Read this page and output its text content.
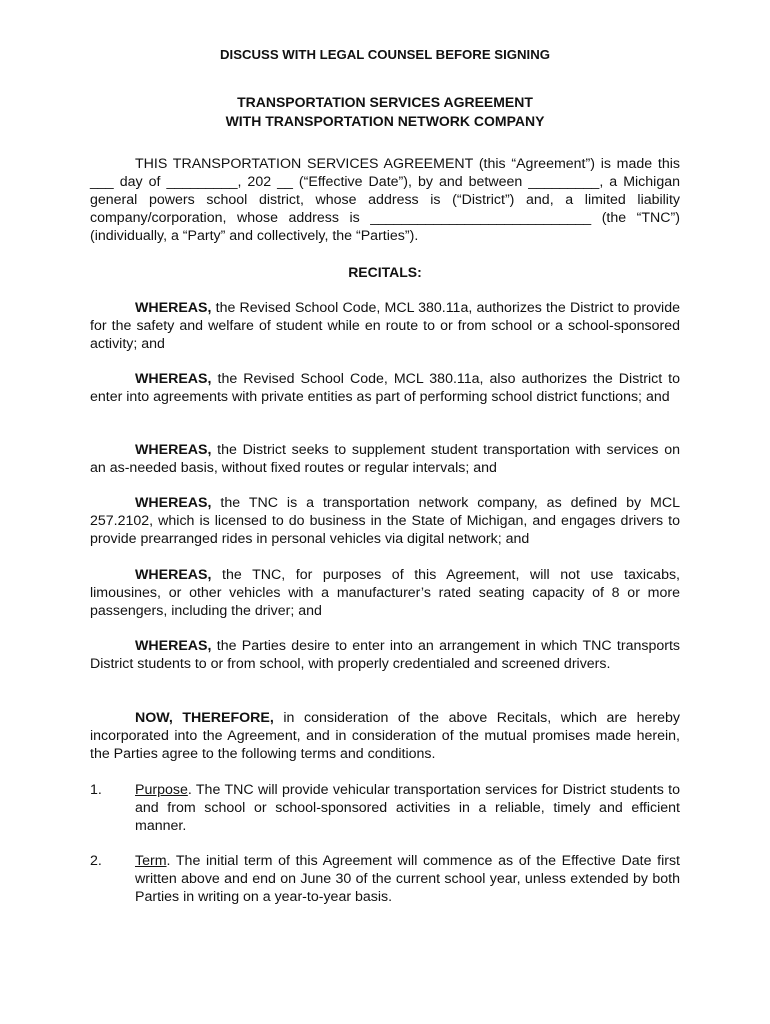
DISCUSS WITH LEGAL COUNSEL BEFORE SIGNING
TRANSPORTATION SERVICES AGREEMENT
WITH TRANSPORTATION NETWORK COMPANY
THIS TRANSPORTATION SERVICES AGREEMENT (this “Agreement”) is made this ___ day of _________, 202 __ (“Effective Date”), by and between _________, a Michigan general powers school district, whose address is (“District”) and, a limited liability company/corporation, whose address is ____________________________ (the “TNC”) (individually, a “Party” and collectively, the “Parties”).
RECITALS:
WHEREAS, the Revised School Code, MCL 380.11a, authorizes the District to provide for the safety and welfare of student while en route to or from school or a school-sponsored activity; and
WHEREAS, the Revised School Code, MCL 380.11a, also authorizes the District to enter into agreements with private entities as part of performing school district functions; and
WHEREAS, the District seeks to supplement student transportation with services on an as-needed basis, without fixed routes or regular intervals; and
WHEREAS, the TNC is a transportation network company, as defined by MCL 257.2102, which is licensed to do business in the State of Michigan, and engages drivers to provide prearranged rides in personal vehicles via digital network; and
WHEREAS, the TNC, for purposes of this Agreement, will not use taxicabs, limousines, or other vehicles with a manufacturer’s rated seating capacity of 8 or more passengers, including the driver; and
WHEREAS, the Parties desire to enter into an arrangement in which TNC transports District students to or from school, with properly credentialed and screened drivers.
NOW, THEREFORE, in consideration of the above Recitals, which are hereby incorporated into the Agreement, and in consideration of the mutual promises made herein, the Parties agree to the following terms and conditions.
1. Purpose. The TNC will provide vehicular transportation services for District students to and from school or school-sponsored activities in a reliable, timely and efficient manner.
2. Term. The initial term of this Agreement will commence as of the Effective Date first written above and end on June 30 of the current school year, unless extended by both Parties in writing on a year-to-year basis.
